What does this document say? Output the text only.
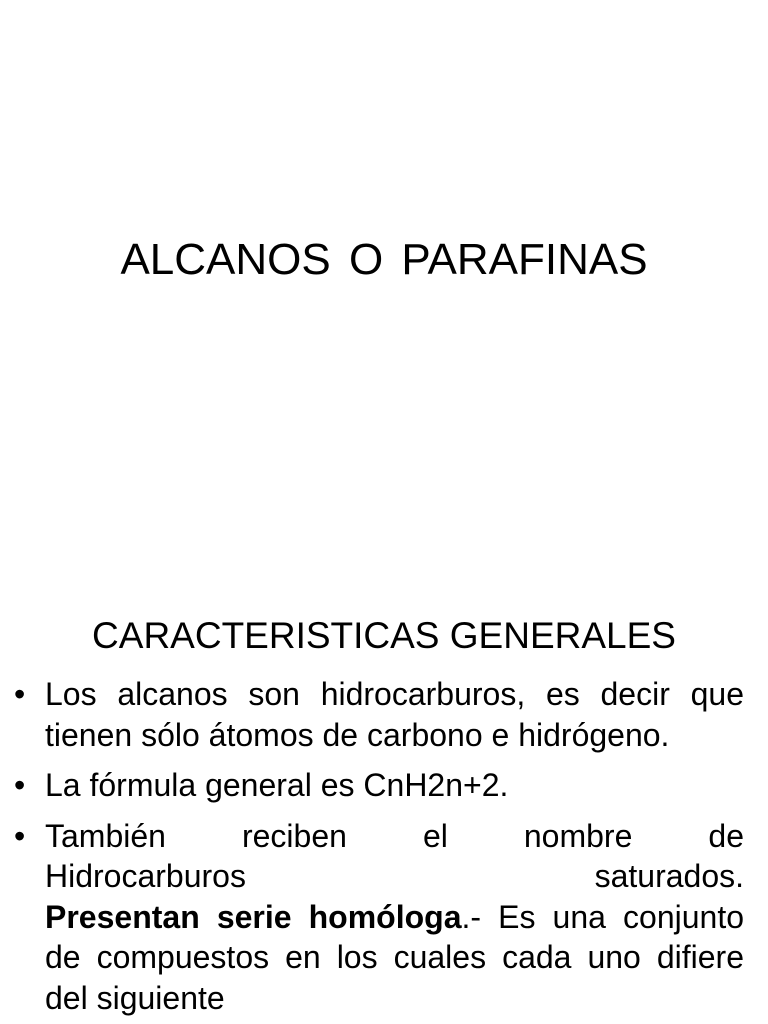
ALCANOS O PARAFINAS
CARACTERISTICAS GENERALES
• Los alcanos son hidrocarburos, es decir que tienen sólo átomos de carbono e hidrógeno.
• La fórmula general es CnH2n+2.
• También reciben el nombre de
Hidrocarburos saturados.
Presentan serie homóloga.- Es una conjunto de compuestos en los cuales cada uno difiere del siguiente
